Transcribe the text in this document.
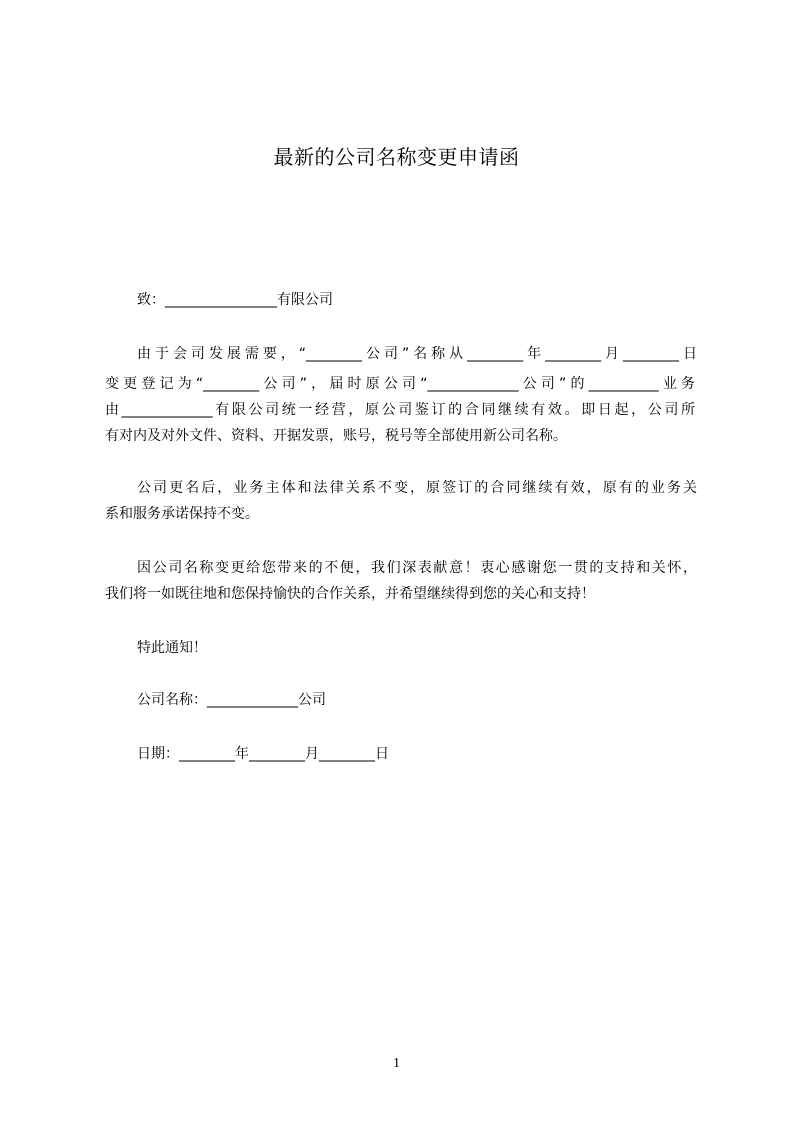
最新的公司名称变更申请函
致：________________有限公司
由于会司发展需要，“________公司”名称从________年________月________日
变更登记为“________公司”，届时原公司“_____________公司”的__________业务
由_____________有限公司统一经营，原公司鉴订的合同继续有效。即日起，公司所
有对内及对外文件、资料、开据发票，账号，税号等全部使用新公司名称。
公司更名后，业务主体和法律关系不变，原签订的合同继续有效，原有的业务关
系和服务承诺保持不变。
因公司名称变更给您带来的不便，我们深表献意！衷心感谢您一贯的支持和关怀，
我们将一如既往地和您保持愉快的合作关系，并希望继续得到您的关心和支持！
特此通知！
公司名称：_____________公司
日期：________年________月________日
1
